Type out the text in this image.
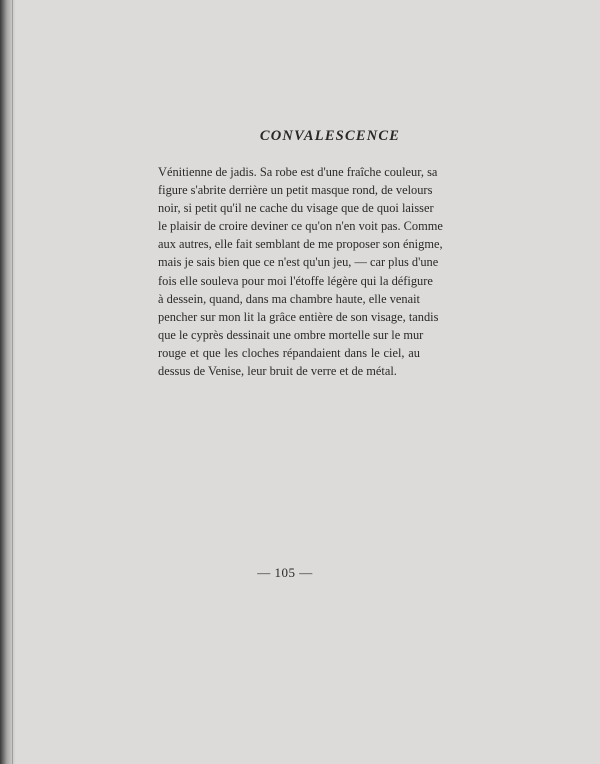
CONVALESCENCE
Vénitienne de jadis. Sa robe est d'une fraîche couleur, sa
figure s'abrite derrière un petit masque rond, de velours
noir, si petit qu'il ne cache du visage que de quoi laisser
le plaisir de croire deviner ce qu'on n'en voit pas. Comme
aux autres, elle fait semblant de me proposer son énigme,
mais je sais bien que ce n'est qu'un jeu, — car plus d'une
fois elle souleva pour moi l'étoffe légère qui la défigure
à dessein, quand, dans ma chambre haute, elle venait
pencher sur mon lit la grâce entière de son visage, tandis
que le cyprès dessinait une ombre mortelle sur le mur
rouge et que les cloches répandaient dans le ciel, au
dessus de Venise, leur bruit de verre et de métal.
— 105 —
